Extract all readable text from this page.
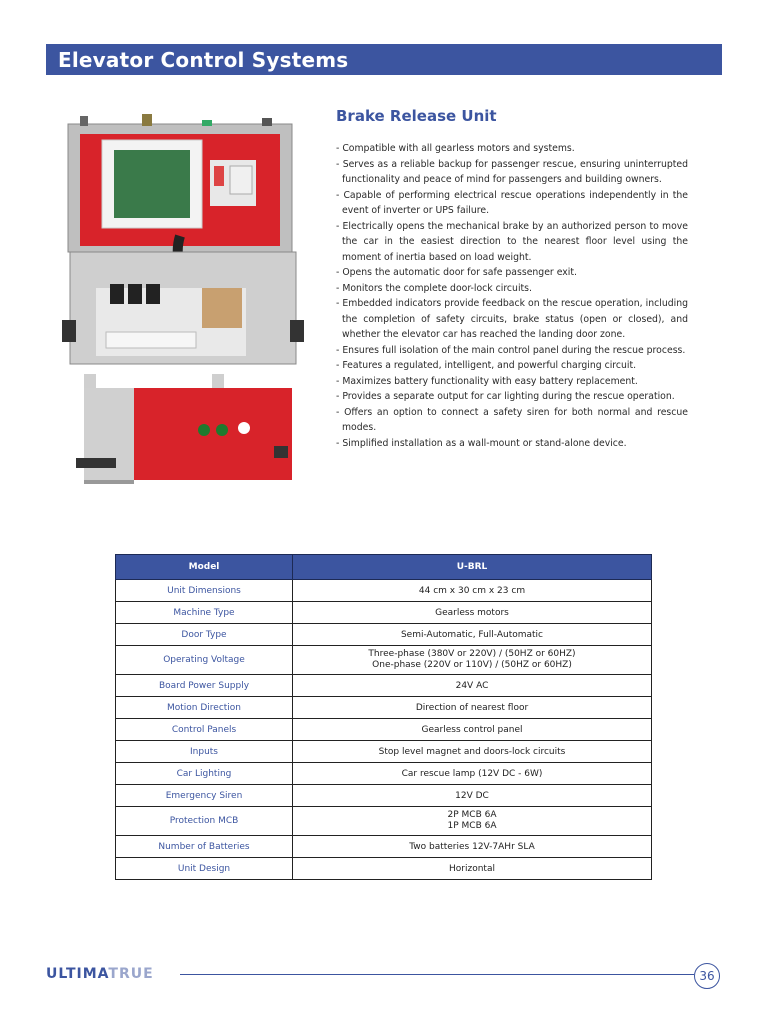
Elevator Control Systems
Brake Release Unit
- Compatible with all gearless motors and systems.
- Serves as a reliable backup for passenger rescue, ensuring uninterrupted functionality and peace of mind for passengers and building owners.
- Capable of performing electrical rescue operations independently in the event of inverter or UPS failure.
- Electrically opens the mechanical brake by an authorized person to move the car in the easiest direction to the nearest floor level using the moment of inertia based on load weight.
- Opens the automatic door for safe passenger exit.
- Monitors the complete door-lock circuits.
- Embedded indicators provide feedback on the rescue operation, including the completion of safety circuits, brake status (open or closed), and whether the elevator car has reached the landing door zone.
- Ensures full isolation of the main control panel during the rescue process.
- Features a regulated, intelligent, and powerful charging circuit.
- Maximizes battery functionality with easy battery replacement.
- Provides a separate output for car lighting during the rescue operation.
- Offers an option to connect a safety siren for both normal and rescue modes.
- Simplified installation as a wall-mount or stand-alone device.
Model	U-BRL
Unit Dimensions	44 cm x 30 cm x 23 cm
Machine Type	Gearless motors
Door Type	Semi-Automatic, Full-Automatic
Operating Voltage	Three-phase (380V or 220V) / (50HZ or 60HZ)
One-phase (220V or 110V) / (50HZ or 60HZ)

Board Power Supply	24V AC
Motion Direction	Direction of nearest floor
Control Panels	Gearless control panel
Inputs	Stop level magnet and doors-lock circuits
Car Lighting	Car rescue lamp (12V DC - 6W)
Emergency Siren	12V DC
Protection MCB	2P MCB 6A
1P MCB 6A

Number of Batteries	Two batteries 12V-7AHr SLA
Unit Design	Horizontal
ULTIMATRUE	36
